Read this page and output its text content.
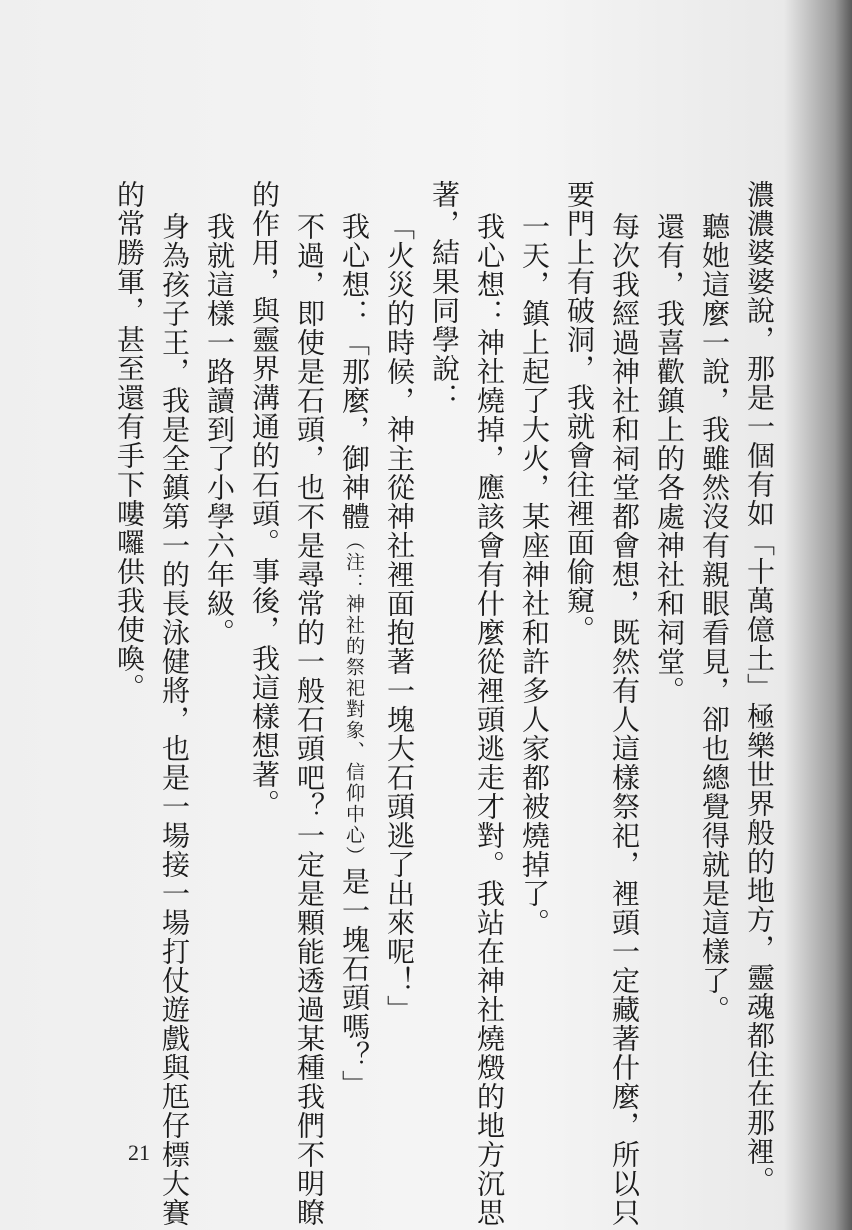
濃濃婆婆說，那是一個有如「十萬億土」極樂世界般的地方，靈魂都住在那裡。
聽她這麼一說，我雖然沒有親眼看見，卻也總覺得就是這樣了。
還有，我喜歡鎮上的各處神社和祠堂。
每次我經過神社和祠堂都會想，既然有人這樣祭祀，裡頭一定藏著什麼，所以只
要門上有破洞，我就會往裡面偷窺。
一天，鎮上起了大火，某座神社和許多人家都被燒掉了。
我心想：神社燒掉，應該會有什麼從裡頭逃走才對。我站在神社燒燬的地方沉思
著，結果同學說：
「火災的時候，神主從神社裡面抱著一塊大石頭逃了出來呢！」
我心想：「那麼，御神體（注：神社的祭祀對象、信仰中心）是一塊石頭嗎？」
不過，即使是石頭，也不是尋常的一般石頭吧？一定是顆能透過某種我們不明瞭
的作用，與靈界溝通的石頭。事後，我這樣想著。
我就這樣一路讀到了小學六年級。
身為孩子王，我是全鎮第一的長泳健將，也是一場接一場打仗遊戲與尪仔標大賽
的常勝軍，甚至還有手下嘍囉供我使喚。
21
